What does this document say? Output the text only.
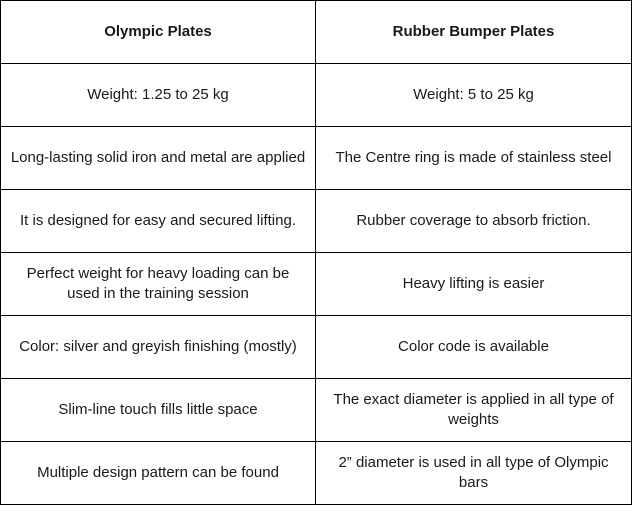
Olympic Plates	Rubber Bumper Plates
Weight: 1.25 to 25 kg	Weight: 5 to 25 kg
Long-lasting solid iron and metal are applied	The Centre ring is made of stainless steel
It is designed for easy and secured lifting.	Rubber coverage to absorb friction.
Perfect weight for heavy loading can be used in the training session	Heavy lifting is easier
Color: silver and greyish finishing (mostly)	Color code is available
Slim-line touch fills little space	The exact diameter is applied in all type of weights
Multiple design pattern can be found	2” diameter is used in all type of Olympic bars
